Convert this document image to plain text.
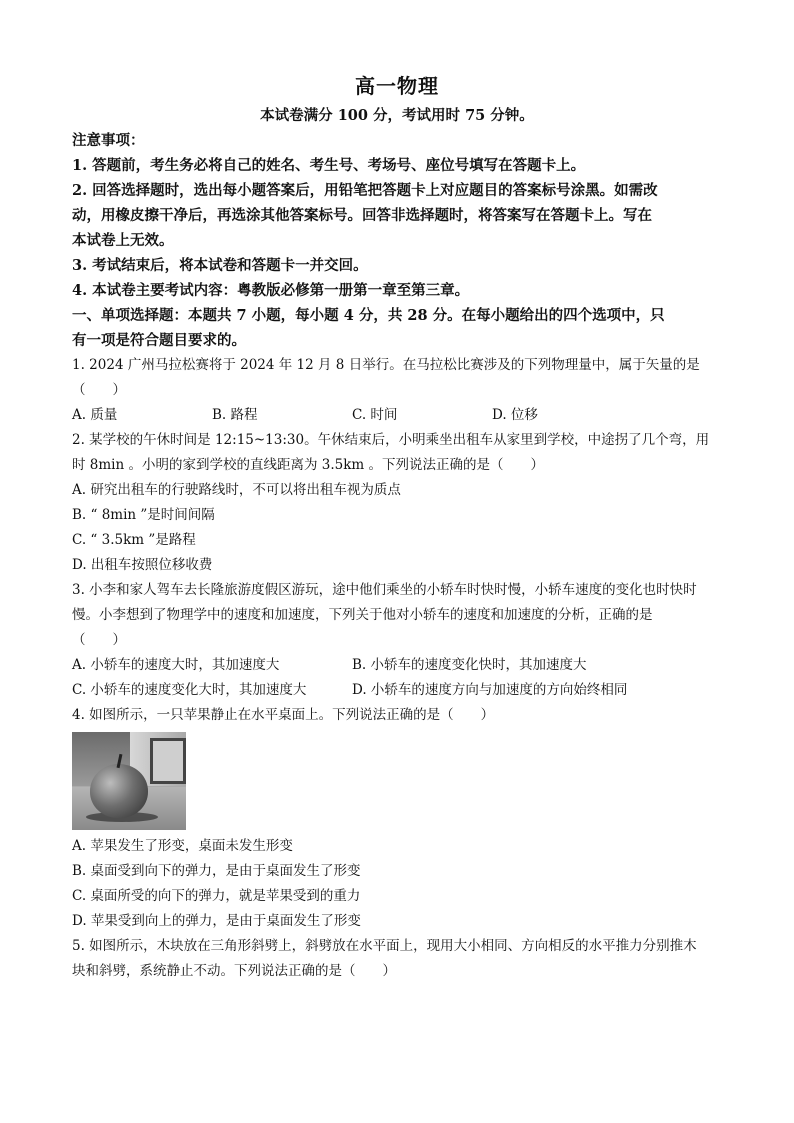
高一物理
本试卷满分 100 分，考试用时 75 分钟。

注意事项：

1. 答题前，考生务必将自己的姓名、考生号、考场号、座位号填写在答题卡上。

2. 回答选择题时，选出每小题答案后，用铅笔把答题卡上对应题目的答案标号涂黑。如需改

动，用橡皮擦干净后，再选涂其他答案标号。回答非选择题时，将答案写在答题卡上。写在

本试卷上无效。

3. 考试结束后，将本试卷和答题卡一并交回。

4. 本试卷主要考试内容：粤教版必修第一册第一章至第三章。

一、单项选择题：本题共 7 小题，每小题 4 分，共 28 分。在每小题给出的四个选项中，只

有一项是符合题目要求的。

1. 2024 广州马拉松赛将于 2024 年 12 月 8 日举行。在马拉松比赛涉及的下列物理量中，属于矢量的是

（　　）

A. 质量	B. 路程	C. 时间	D. 位移

2. 某学校的午休时间是 12:15~13:30。午休结束后，小明乘坐出租车从家里到学校，中途拐了几个弯，用

时 8min 。小明的家到学校的直线距离为 3.5km 。下列说法正确的是（　　）

A. 研究出租车的行驶路线时，不可以将出租车视为质点

B. “ 8min ”是时间间隔

C. “ 3.5km ”是路程

D. 出租车按照位移收费

3. 小李和家人驾车去长隆旅游度假区游玩，途中他们乘坐的小轿车时快时慢，小轿车速度的变化也时快时

慢。小李想到了物理学中的速度和加速度，下列关于他对小轿车的速度和加速度的分析，正确的是

（　　）

A. 小轿车的速度大时，其加速度大	B. 小轿车的速度变化快时，其加速度大
C. 小轿车的速度变化大时，其加速度大	D. 小轿车的速度方向与加速度的方向始终相同

4. 如图所示，一只苹果静止在水平桌面上。下列说法正确的是（　　）

A. 苹果发生了形变，桌面未发生形变

B. 桌面受到向下的弹力，是由于桌面发生了形变

C. 桌面所受的向下的弹力，就是苹果受到的重力

D. 苹果受到向上的弹力，是由于桌面发生了形变

5. 如图所示，木块放在三角形斜劈上，斜劈放在水平面上，现用大小相同、方向相反的水平推力分别推木

块和斜劈，系统静止不动。下列说法正确的是（　　）
